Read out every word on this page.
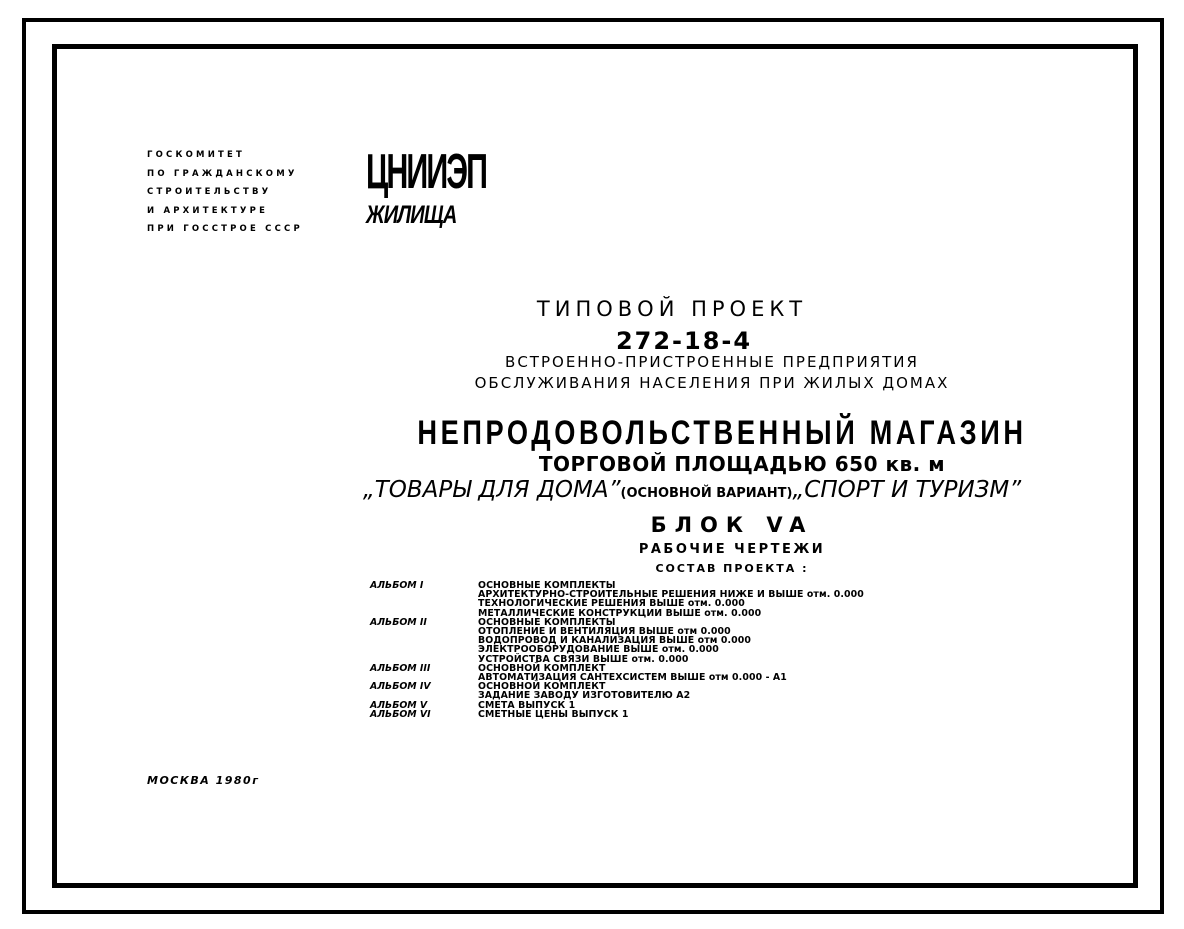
ГОСКОМИТЕТ
ПО ГРАЖДАНСКОМУ
СТРОИТЕЛЬСТВУ
И АРХИТЕКТУРЕ
ПРИ ГОССТРОЕ СССР
ЦНИИЭП
ЖИЛИЩА
ТИПОВОЙ ПРОЕКТ
272-18-4
ВСТРОЕННО-ПРИСТРОЕННЫЕ ПРЕДПРИЯТИЯ
ОБСЛУЖИВАНИЯ НАСЕЛЕНИЯ ПРИ ЖИЛЫХ ДОМАХ
НЕПРОДОВОЛЬСТВЕННЫЙ МАГАЗИН
ТОРГОВОЙ ПЛОЩАДЬЮ 650 кв. м
„ТОВАРЫ ДЛЯ ДОМА”(ОСНОВНОЙ ВАРИАНТ)„СПОРТ И ТУРИЗМ”
БЛОК VA
РАБОЧИЕ ЧЕРТЕЖИ
СОСТАВ ПРОЕКТА :
АЛЬБОМ I	ОСНОВНЫЕ КОМПЛЕКТЫ
АРХИТЕКТУРНО-СТРОИТЕЛЬНЫЕ РЕШЕНИЯ НИЖЕ И ВЫШЕ отм. 0.000
ТЕХНОЛОГИЧЕСКИЕ РЕШЕНИЯ ВЫШЕ отм. 0.000
МЕТАЛЛИЧЕСКИЕ КОНСТРУКЦИИ ВЫШЕ отм. 0.000
АЛЬБОМ II	ОСНОВНЫЕ КОМПЛЕКТЫ
ОТОПЛЕНИЕ И ВЕНТИЛЯЦИЯ ВЫШЕ отм 0.000
ВОДОПРОВОД И КАНАЛИЗАЦИЯ ВЫШЕ отм 0.000
ЭЛЕКТРООБОРУДОВАНИЕ ВЫШЕ отм. 0.000
УСТРОЙСТВА СВЯЗИ ВЫШЕ отм. 0.000
АЛЬБОМ III	ОСНОВНОЙ КОМПЛЕКТ
АВТОМАТИЗАЦИЯ САНТЕХСИСТЕМ ВЫШЕ отм 0.000 - А1
АЛЬБОМ IV	ОСНОВНОЙ КОМПЛЕКТ
ЗАДАНИЕ ЗАВОДУ ИЗГОТОВИТЕЛЮ А2
АЛЬБОМ V	СМЕТА ВЫПУСК 1
АЛЬБОМ VI	СМЕТНЫЕ ЦЕНЫ ВЫПУСК 1
МОСКВА 1980г
